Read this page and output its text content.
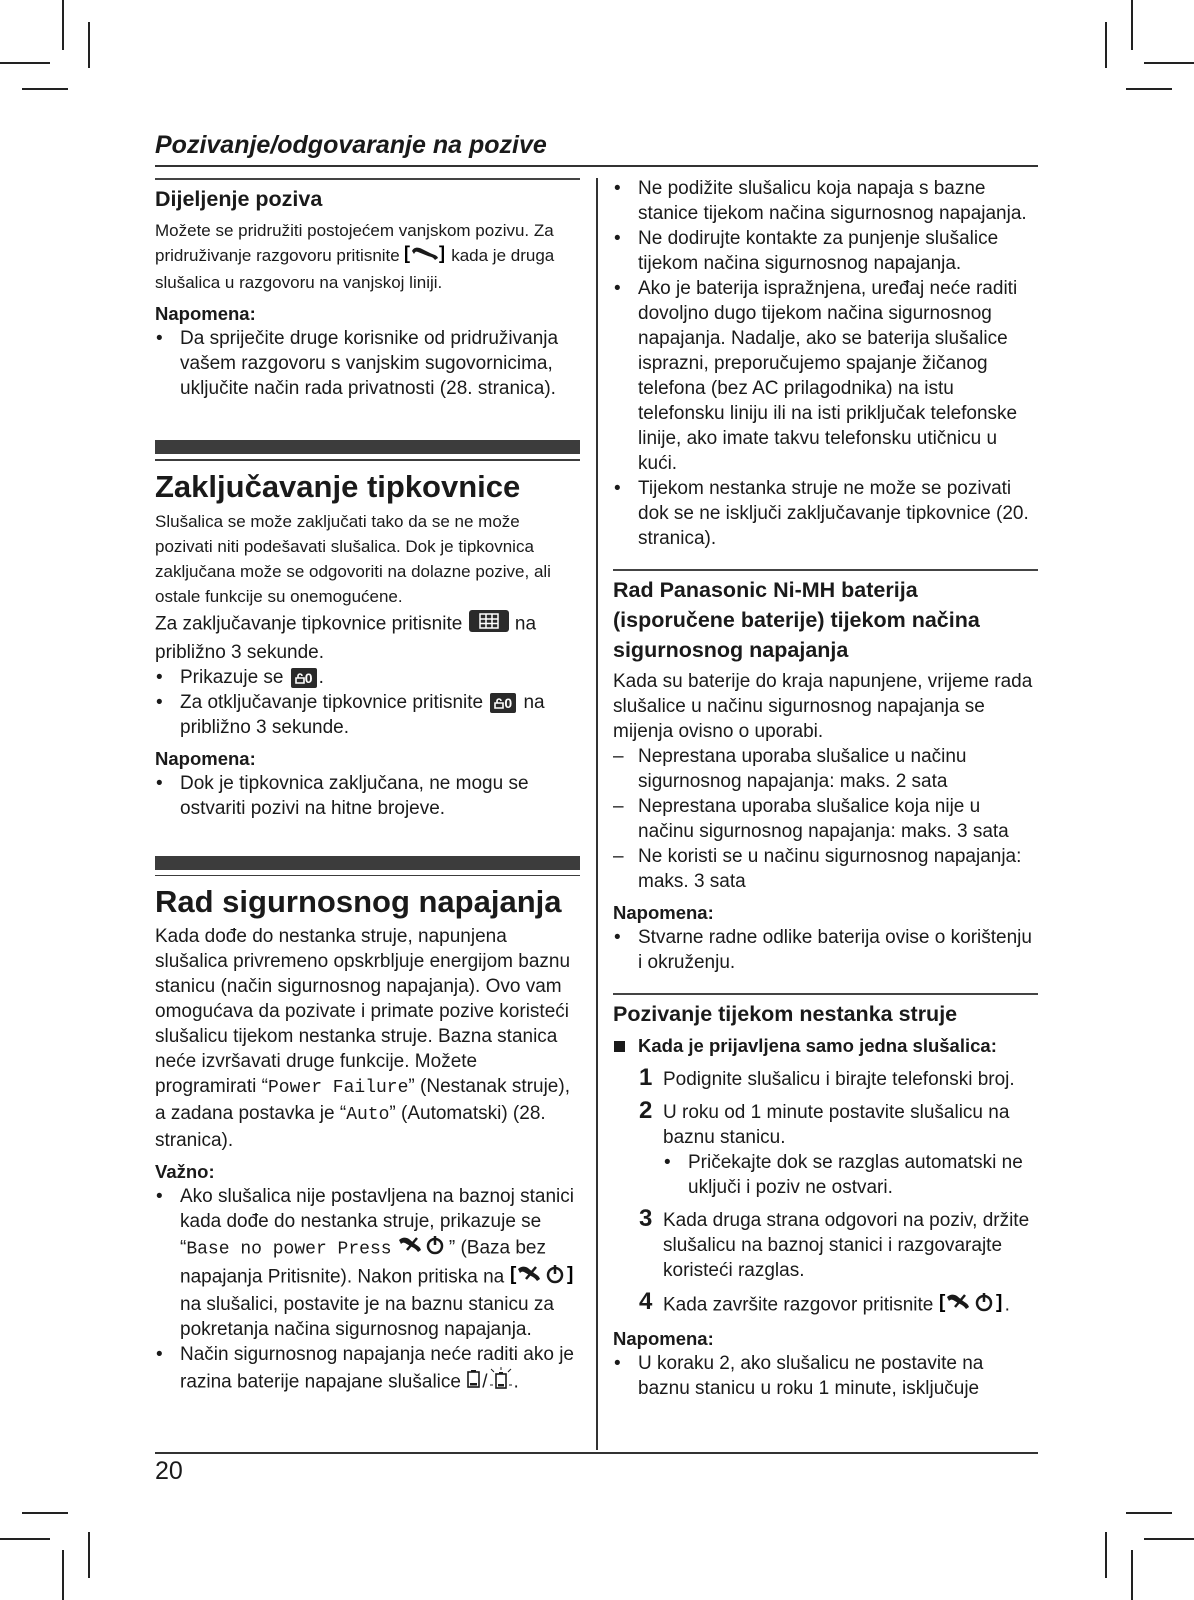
Pozivanje/odgovaranje na pozive
Dijeljenje poziva

Možete se pridružiti postojećem vanjskom pozivu. Za pridruživanje razgovoru pritisnite [ ] kada je druga slušalica u razgovoru na vanjskoj liniji.

Napomena:
• Da spriječite druge korisnike od pridruživanja vašem razgovoru s vanjskim sugovornicima, uključite način rada privatnosti (28. stranica).
Zaključavanje tipkovnice

Slušalica se može zaključati tako da se ne može pozivati niti podešavati slušalica. Dok je tipkovnica zaključana može se odgovoriti na dolazne pozive, ali ostale funkcije su onemogućene.

Za zaključavanje tipkovnice pritisnite	na približno 3 sekunde.

• Prikazuje se 0 .
• Za otključavanje tipkovnice pritisnite 0 na približno 3 sekunde.
Napomena:
• Dok je tipkovnica zaključana, ne mogu se ostvariti pozivi na hitne brojeve.
Rad sigurnosnog napajanja

Kada dođe do nestanka struje, napunjena slušalica privremeno opskrbljuje energijom baznu stanicu (način sigurnosnog napajanja). Ovo vam omogućava da pozivate i primate pozive koristeći slušalicu tijekom nestanka struje. Bazna stanica neće izvršavati druge funkcije. Možete programirati “Power Failure” (Nestanak struje), a zadana postavka je “Auto” (Automatski) (28. stranica).

Važno:
• Ako slušalica nije postavljena na baznoj stanici kada dođe do nestanka struje, prikazuje se “Base no power Press	” (Baza bez napajanja Pritisnite). Nakon pritiska na [	]
na slušalici, postavite je na baznu stanicu za pokretanja načina sigurnosnog napajanja.
• Način sigurnosnog napajanja neće raditi ako je razina baterije napajane slušalice / .
• Ne podižite slušalicu koja napaja s bazne stanice tijekom načina sigurnosnog napajanja.
• Ne dodirujte kontakte za punjenje slušalice tijekom načina sigurnosnog napajanja.
• Ako je baterija ispražnjena, uređaj neće raditi dovoljno dugo tijekom načina sigurnosnog napajanja. Nadalje, ako se baterija slušalice isprazni, preporučujemo spajanje žičanog telefona (bez AC prilagodnika) na istu telefonsku liniju ili na isti priključak telefonske linije, ako imate takvu telefonsku utičnicu u kući.
• Tijekom nestanka struje ne može se pozivati dok se ne isključi zaključavanje tipkovnice (20. stranica).
Rad Panasonic Ni-MH baterija (isporučene baterije) tijekom načina sigurnosnog napajanja

Kada su baterije do kraja napunjene, vrijeme rada slušalice u načinu sigurnosnog napajanja se mijenja ovisno o uporabi.

– Neprestana uporaba slušalice u načinu sigurnosnog napajanja: maks. 2 sata
– Neprestana uporaba slušalice koja nije u načinu sigurnosnog napajanja: maks. 3 sata
– Ne koristi se u načinu sigurnosnog napajanja: maks. 3 sata
Napomena:
• Stvarne radne odlike baterija ovise o korištenju i okruženju.
Pozivanje tijekom nestanka struje
Kada je prijavljena samo jedna slušalica:
1 Podignite slušalicu i birajte telefonski broj.
2 U roku od 1 minute postavite slušalicu na baznu stanicu.
• Pričekajte dok se razglas automatski ne uključi i poziv ne ostvari.
3 Kada druga strana odgovori na poziv, držite slušalicu na baznoj stanici i razgovarajte koristeći razglas.
4 Kada završite razgovor pritisnite [	] .
Napomena:
• U koraku 2, ako slušalicu ne postavite na baznu stanicu u roku 1 minute, isključuje
20
